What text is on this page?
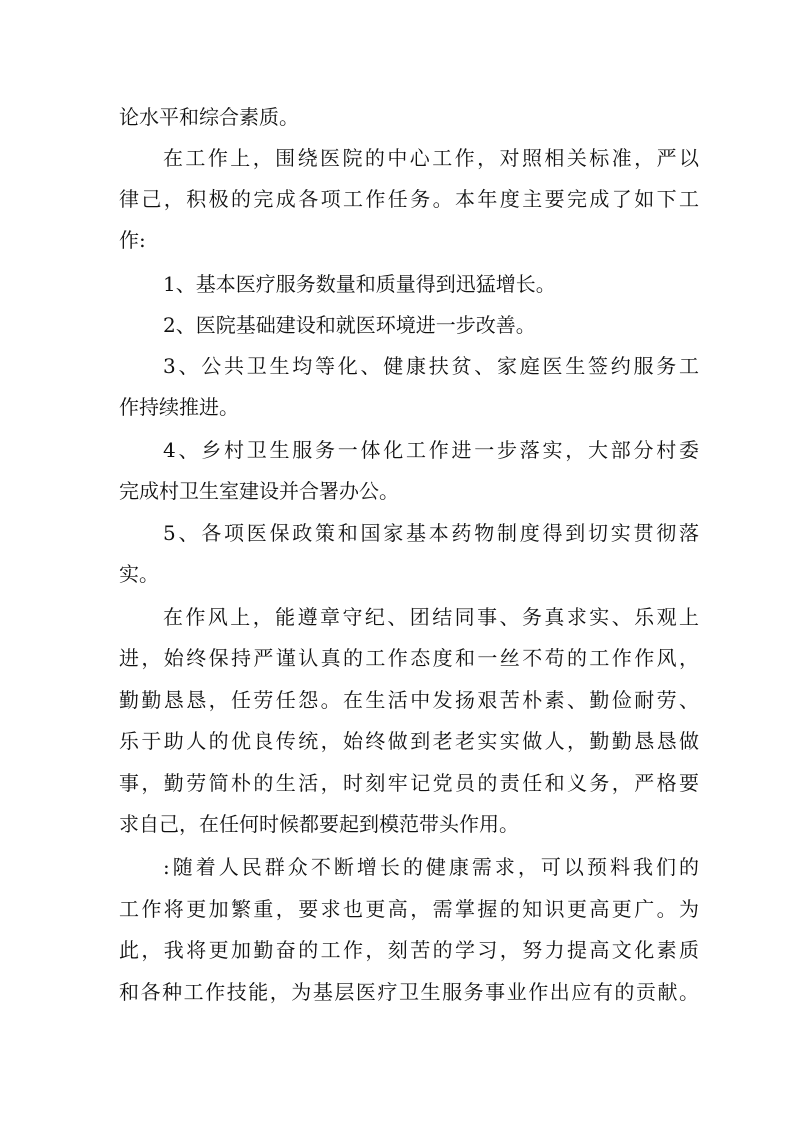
论水平和综合素质。
在工作上，围绕医院的中心工作，对照相关标准，严以
律己，积极的完成各项工作任务。本年度主要完成了如下工
作:
1、基本医疗服务数量和质量得到迅猛增长。
2、医院基础建设和就医环境进一步改善。
3、公共卫生均等化、健康扶贫、家庭医生签约服务工
作持续推进。
4、乡村卫生服务一体化工作进一步落实，大部分村委
完成村卫生室建设并合署办公。
5、各项医保政策和国家基本药物制度得到切实贯彻落
实。
在作风上，能遵章守纪、团结同事、务真求实、乐观上
进，始终保持严谨认真的工作态度和一丝不苟的工作作风，
勤勤恳恳，任劳任怨。在生活中发扬艰苦朴素、勤俭耐劳、
乐于助人的优良传统，始终做到老老实实做人，勤勤恳恳做
事，勤劳简朴的生活，时刻牢记党员的责任和义务，严格要
求自己，在任何时候都要起到模范带头作用。
:随着人民群众不断增长的健康需求，可以预料我们的
工作将更加繁重，要求也更高，需掌握的知识更高更广。为
此，我将更加勤奋的工作，刻苦的学习，努力提高文化素质
和各种工作技能，为基层医疗卫生服务事业作出应有的贡献。
